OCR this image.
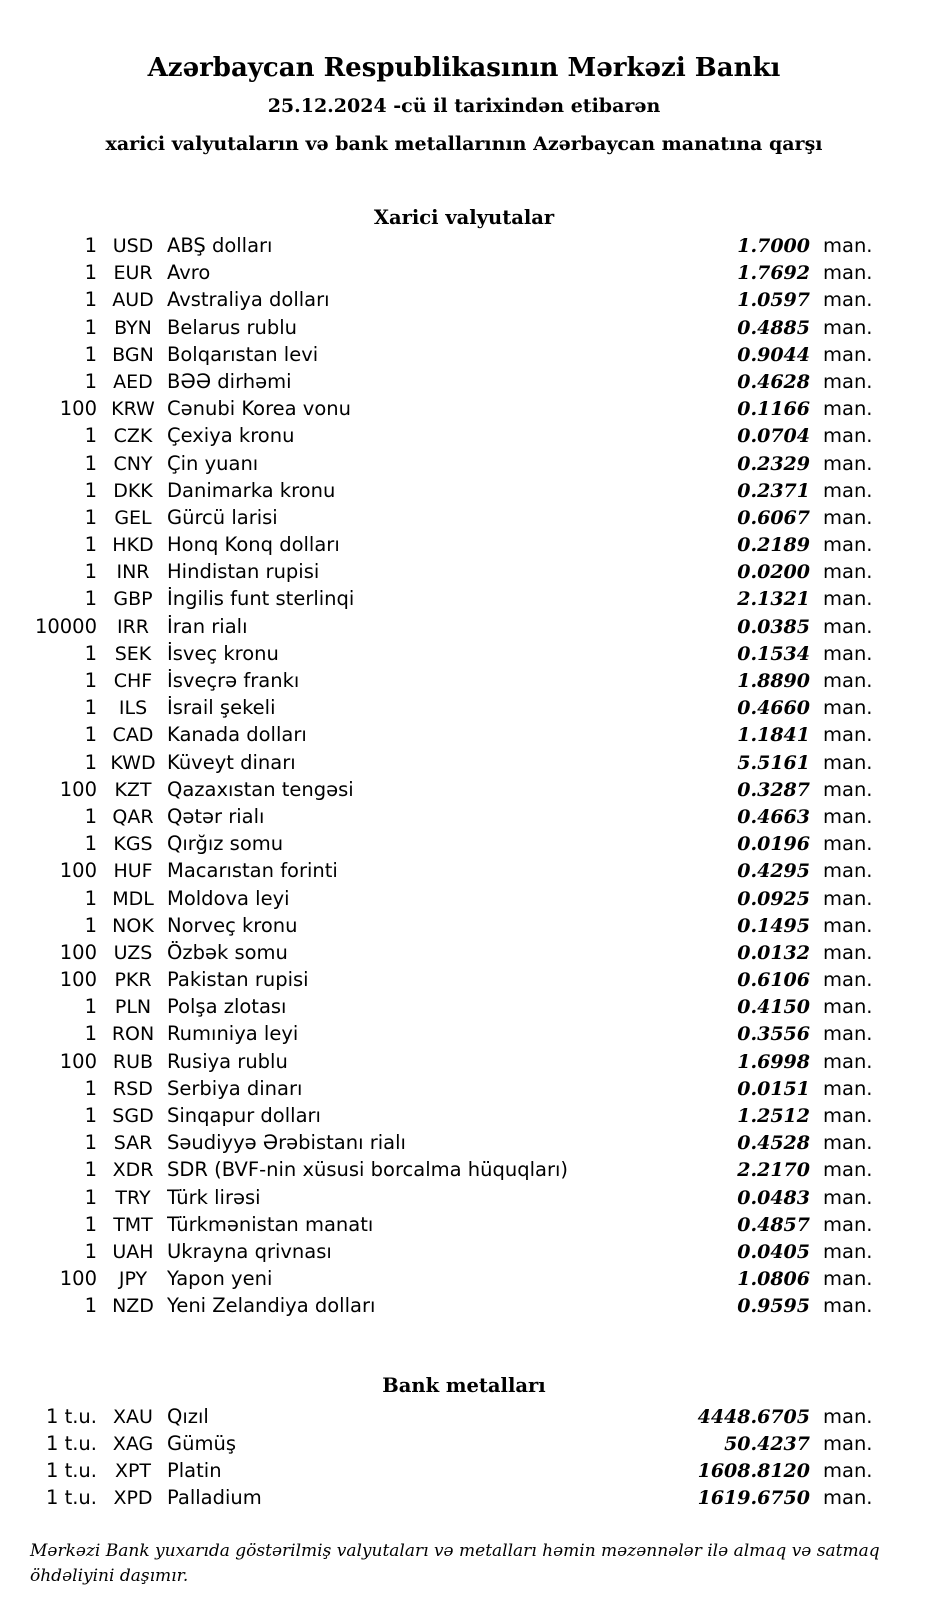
Azərbaycan Respublikasının Mərkəzi Bankı
25.12.2024 -cü il tarixindən etibarən
xarici valyutaların və bank metallarının Azərbaycan manatına qarşı
Xarici valyutalar
1 USD ABŞ dolları	1.7000 man.
1 EUR Avro	1.7692 man.
1 AUD Avstraliya dolları	1.0597 man.
1 BYN Belarus rublu	0.4885 man.
1 BGN Bolqarıstan levi	0.9044 man.
1 AED BƏƏ dirhəmi	0.4628 man.
100 KRW Cənubi Korea vonu	0.1166 man.
1 CZK Çexiya kronu	0.0704 man.
1 CNY Çin yuanı	0.2329 man.
1 DKK Danimarka kronu	0.2371 man.
1 GEL Gürcü larisi	0.6067 man.
1 HKD Honq Konq dolları	0.2189 man.
1	INR Hindistan rupisi	0.0200 man.
1 GBP İngilis funt sterlinqi	2.1321 man.
10000	IRR İran rialı	0.0385 man.
1 SEK İsveç kronu	0.1534 man.
1 CHF İsveçrə frankı	1.8890 man.
1	ILS	İsrail şekeli	0.4660 man.
1 CAD Kanada dolları	1.1841 man.
1 KWD Küveyt dinarı	5.5161 man.
100 KZT Qazaxıstan tengəsi	0.3287 man.
1 QAR Qətər rialı	0.4663 man.
1 KGS Qırğız somu	0.0196 man.
100 HUF Macarıstan forinti	0.4295 man.
1 MDL Moldova leyi	0.0925 man.
1 NOK Norveç kronu	0.1495 man.
100 UZS Özbək somu	0.0132 man.
100 PKR Pakistan rupisi	0.6106 man.
1 PLN Polşa zlotası	0.4150 man.
1 RON Rumıniya leyi	0.3556 man.
100 RUB Rusiya rublu	1.6998 man.
1 RSD Serbiya dinarı	0.0151 man.
1 SGD Sinqapur dolları	1.2512 man.
1 SAR Səudiyyə Ərəbistanı rialı	0.4528 man.
1 XDR SDR (BVF-nin xüsusi borcalma hüquqları)	2.2170 man.
1 TRY Türk lirəsi	0.0483 man.
1 TMT Türkmənistan manatı	0.4857 man.
1 UAH Ukrayna qrivnası	0.0405 man.
100	JPY	Yapon yeni	1.0806 man.
1 NZD Yeni Zelandiya dolları	0.9595 man.
Bank metalları
1 t.u. XAU Qızıl	4448.6705 man.
1 t.u. XAG Gümüş	50.4237 man.
1 t.u. XPT Platin	1608.8120 man.
1 t.u. XPD Palladium	1619.6750 man.
Mərkəzi Bank yuxarıda göstərilmiş valyutaları və metalları həmin məzənnələr ilə almaq və satmaq öhdəliyini daşımır.
